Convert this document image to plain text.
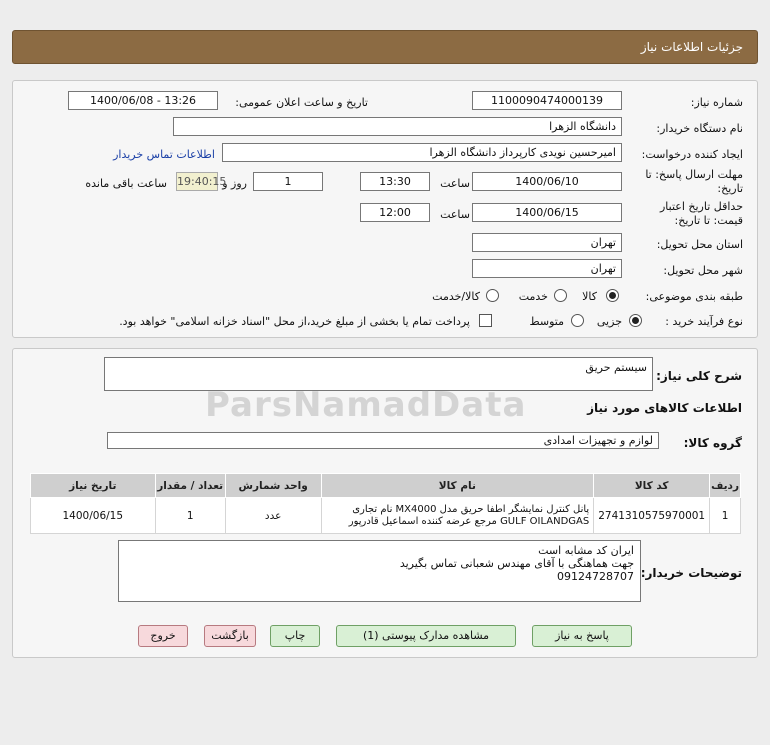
جزئیات اطلاعات نیاز
شماره نیاز:
1100090474000139
تاریخ و ساعت اعلان عمومی:
1400/06/08 - 13:26
نام دستگاه خریدار:
دانشگاه الزهرا
ایجاد کننده درخواست:
امیرحسین نویدی کارپرداز دانشگاه الزهرا
اطلاعات تماس خریدار
مهلت ارسال پاسخ: تا تاریخ:
1400/06/10
ساعت
13:30
1
روز و
19:40:15
ساعت باقی مانده
حداقل تاریخ اعتبار قیمت: تا تاریخ:
1400/06/15
ساعت
12:00
استان محل تحویل:
تهران
شهر محل تحویل:
تهران
طبقه بندی موضوعی:
کالا
خدمت
کالا/خدمت
نوع فرآیند خرید :
جزیی
متوسط
پرداخت تمام یا بخشی از مبلغ خرید،از محل "اسناد خزانه اسلامی" خواهد بود.
شرح کلی نیاز:
سیستم حریق
اطلاعات کالاهای مورد نیاز
گروه کالا:
لوازم و تجهیزات امدادی
ParsNamadData
ردیف	کد کالا	نام کالا	واحد شمارش	تعداد / مقدار	تاریخ نیاز
1	2741310575970001	پانل کنترل نمایشگر اطفا حریق مدل MX4000 نام تجاری GULF OILANDGAS مرجع عرضه کننده اسماعیل قادرپور	عدد	1	1400/06/15
توضیحات خریدار:
ایران کد مشابه است
جهت هماهنگی با آقای مهندس شعبانی تماس بگیرید
09124728707
پاسخ به نیاز
مشاهده مدارک پیوستی (1)
چاپ
بازگشت
خروج
